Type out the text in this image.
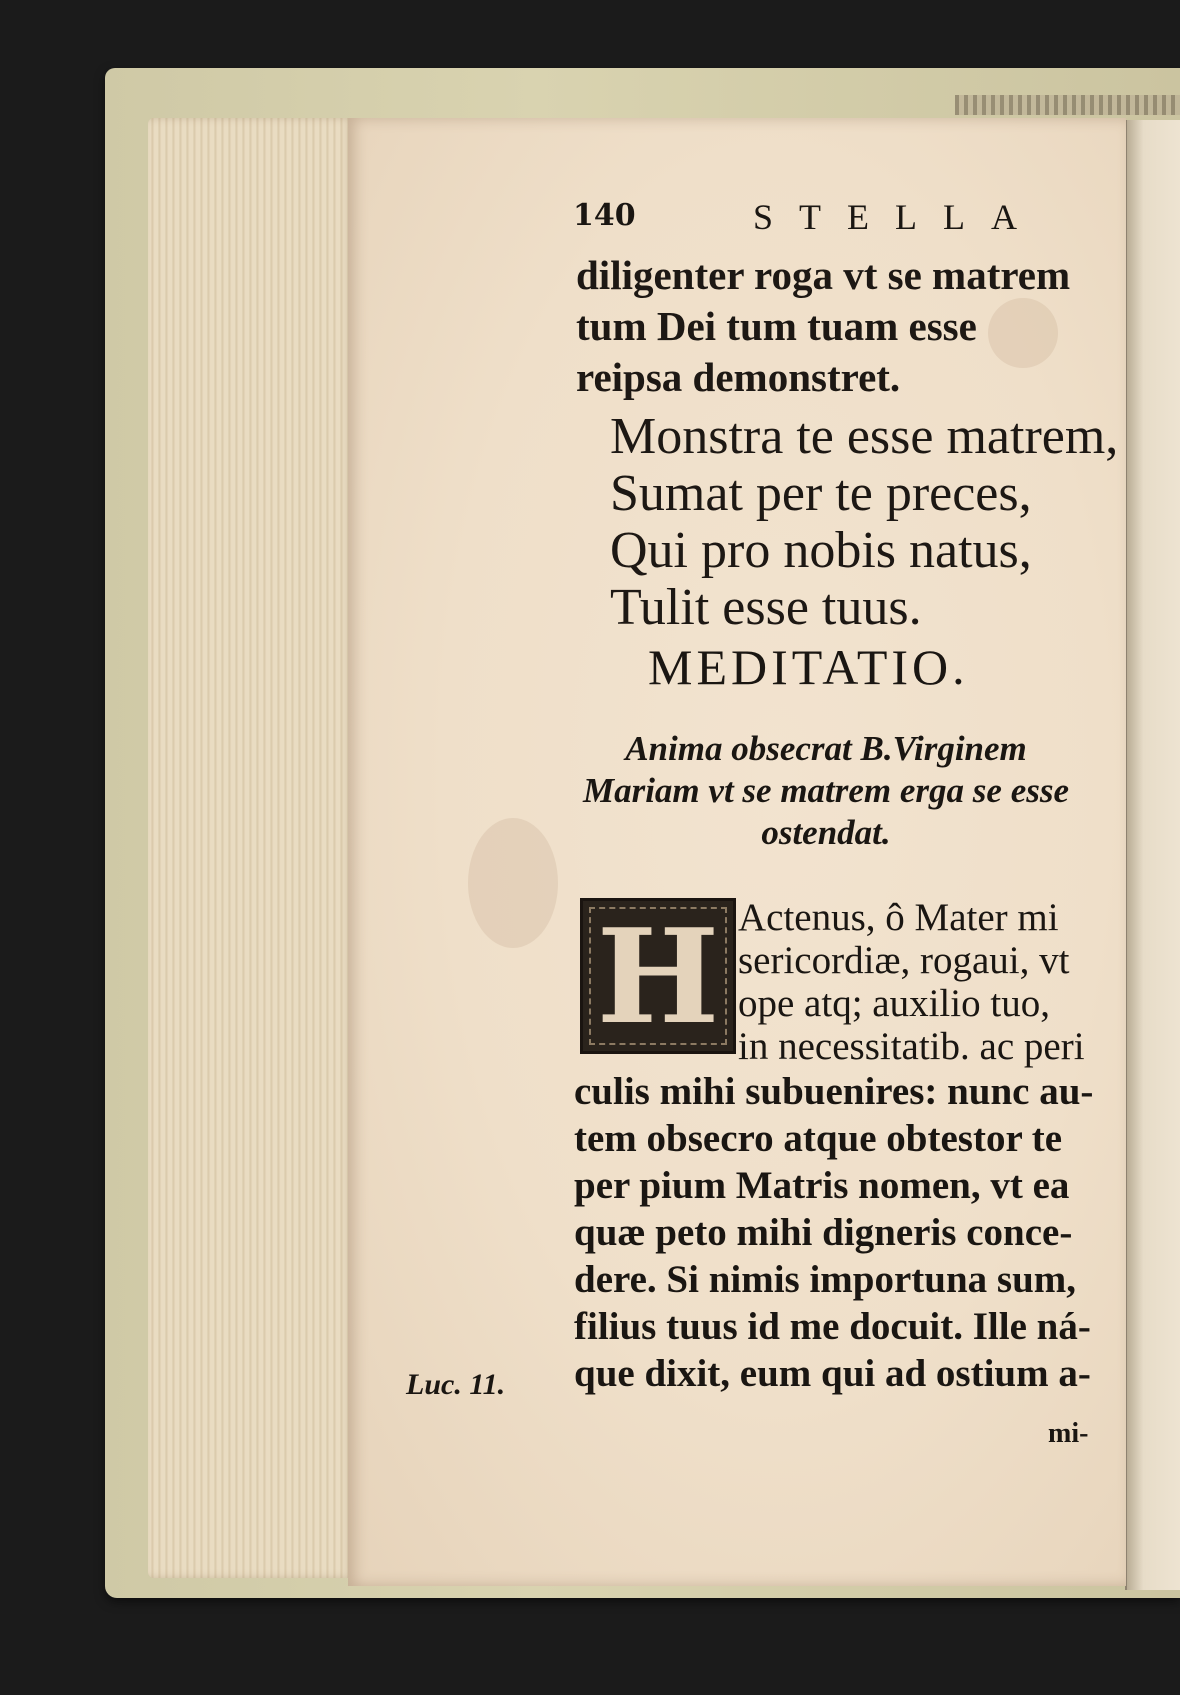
140	STELLA
diligenter roga vt se matrem tum Dei tum tuam esse reipsa demonstret.
Monstra te esse matrem,
Sumat per te preces,
Qui pro nobis natus,
Tulit esse tuus.
MEDITATIO.
Anima obsecrat B.Virginem Mariam vt se matrem erga se esse ostendat.
H Actenus, ô Mater mi
sericordiæ, rogaui, vt
ope atq; auxilio tuo,
in necessitatib. ac peri
culis mihi subuenires: nunc au-
tem obsecro atque obtestor te
per pium Matris nomen, vt ea
quæ peto mihi digneris conce-
dere. Si nimis importuna sum,
filius tuus id me docuit. Ille ná-
que dixit, eum qui ad ostium a-
Luc. 11.
mi-
